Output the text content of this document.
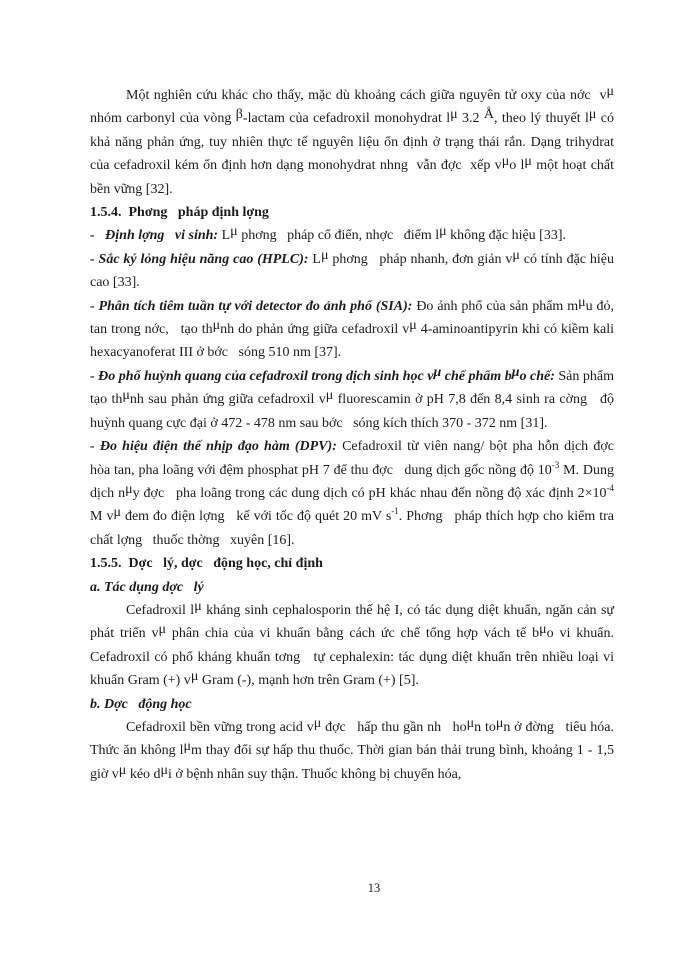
Một nghiên cứu khác cho thấy, mặc dù khoảng cách giữa nguyên tử oxy của nớc  vμ nhóm carbonyl của vòng β-lactam của cefadroxil monohydrat lμ 3.2 Å, theo lý thuyết lμ có khả năng phản ứng, tuy nhiên thực tế nguyên liệu ổn định ở trạng thái rắn. Dạng trihydrat của cefadroxil kém ổn định hơn dạng monohydrat nhng  vẫn đợc  xếp vμo lμ một hoạt chất bền vững [32].
1.5.4.  Phơng   pháp định lợng
-   Định lợng   vi sinh: Lμ phơng   pháp cổ điển, nhợc   điểm lμ không đặc hiệu [33].
- Sắc ký lỏng hiệu năng cao (HPLC): Lμ phơng   pháp nhanh, đơn giản vμ có tính đặc hiệu cao [33].
- Phân tích tiêm tuần tự với detector đo ảnh phổ (SIA): Đo ảnh phổ của sản phẩm mμu đỏ, tan trong nớc,   tạo thμnh do phản ứng giữa cefadroxil vμ 4-aminoantipyrin khi có kiềm kali hexacyanoferat III ở bớc   sóng 510 nm [37].
- Đo phổ huỳnh quang của cefadroxil trong dịch sinh học vμ chế phẩm bμo chế: Sản phẩm tạo thμnh sau phản ứng giữa cefadroxil vμ fluorescamin ở pH 7,8 đến 8,4 sinh ra cờng   độ huỳnh quang cực đại ở 472 - 478 nm sau bớc   sóng kích thích 370 - 372 nm [31].
- Đo hiệu điện thế nhịp đạo hàm (DPV): Cefadroxil từ viên nang/ bột pha hỗn dịch đợc   hòa tan, pha loãng với đệm phosphat pH 7 để thu đợc   dung dịch gốc nồng độ $10^{-3}$ M. Dung dịch nμy đợc   pha loãng trong các dung dịch có pH khác nhau đến nồng độ xác định $2\times 10^{-4}$ M vμ đem đo điện lợng   kế với tốc độ quét 20 mV $s^{-1}$. Phơng   pháp thích hợp cho kiểm tra chất lợng   thuốc thờng   xuyên [16].
1.5.5.  Dợc   lý, dợc   động học, chỉ định
a. Tác dụng dợc   lý
Cefadroxil lμ kháng sinh cephalosporin thế hệ I, có tác dụng diệt khuẩn, ngăn cản sự phát triển vμ phân chia của vi khuẩn bằng cách ức chế tổng hợp vách tế bμo vi khuẩn. Cefadroxil có phổ kháng khuẩn tơng   tự cephalexin: tác dụng diệt khuẩn trên nhiều loại vi khuẩn Gram (+) vμ Gram (-), mạnh hơn trên Gram (+) [5].
b. Dợc   động học
Cefadroxil bền vững trong acid vμ đợc   hấp thu gần nh   hoμn toμn ở đờng   tiêu hóa. Thức ăn không lμm thay đổi sự hấp thu thuốc. Thời gian bán thải trung bình, khoảng 1 - 1,5 giờ vμ kéo dμi ở bệnh nhân suy thận. Thuốc không bị chuyển hóa,
13
